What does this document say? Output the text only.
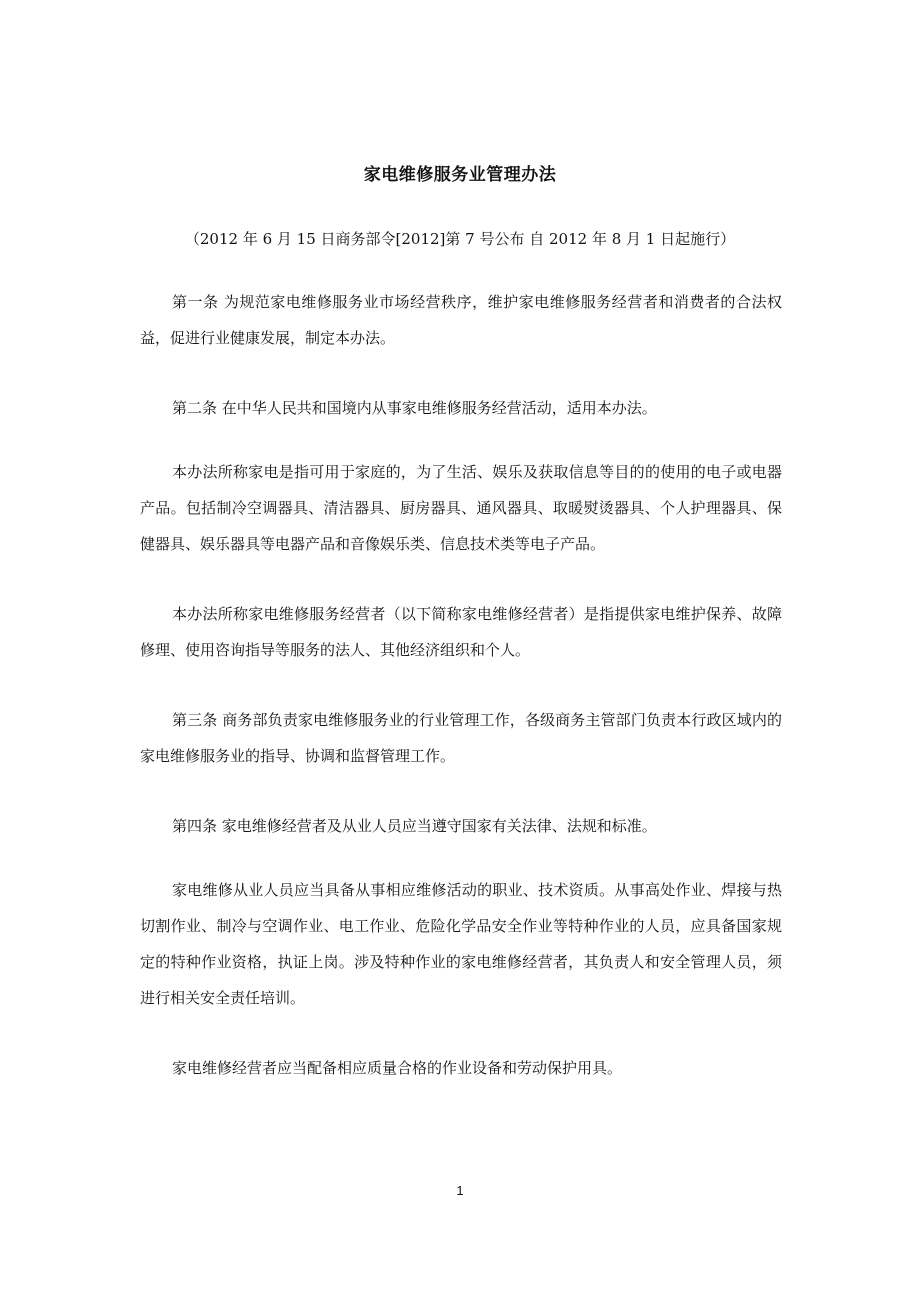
家电维修服务业管理办法
（2012 年 6 月 15 日商务部令[2012]第 7 号公布 自 2012 年 8 月 1 日起施行）

第一条 为规范家电维修服务业市场经营秩序，维护家电维修服务经营者和消费者的合法权益，促进行业健康发展，制定本办法。

第二条 在中华人民共和国境内从事家电维修服务经营活动，适用本办法。

本办法所称家电是指可用于家庭的，为了生活、娱乐及获取信息等目的的使用的电子或电器产品。包括制冷空调器具、清洁器具、厨房器具、通风器具、取暖熨烫器具、个人护理器具、保健器具、娱乐器具等电器产品和音像娱乐类、信息技术类等电子产品。

本办法所称家电维修服务经营者（以下简称家电维修经营者）是指提供家电维护保养、故障修理、使用咨询指导等服务的法人、其他经济组织和个人。

第三条 商务部负责家电维修服务业的行业管理工作，各级商务主管部门负责本行政区域内的家电维修服务业的指导、协调和监督管理工作。

第四条 家电维修经营者及从业人员应当遵守国家有关法律、法规和标准。

家电维修从业人员应当具备从事相应维修活动的职业、技术资质。从事高处作业、焊接与热切割作业、制冷与空调作业、电工作业、危险化学品安全作业等特种作业的人员，应具备国家规定的特种作业资格，执证上岗。涉及特种作业的家电维修经营者，其负责人和安全管理人员，须进行相关安全责任培训。

家电维修经营者应当配备相应质量合格的作业设备和劳动保护用具。

1
